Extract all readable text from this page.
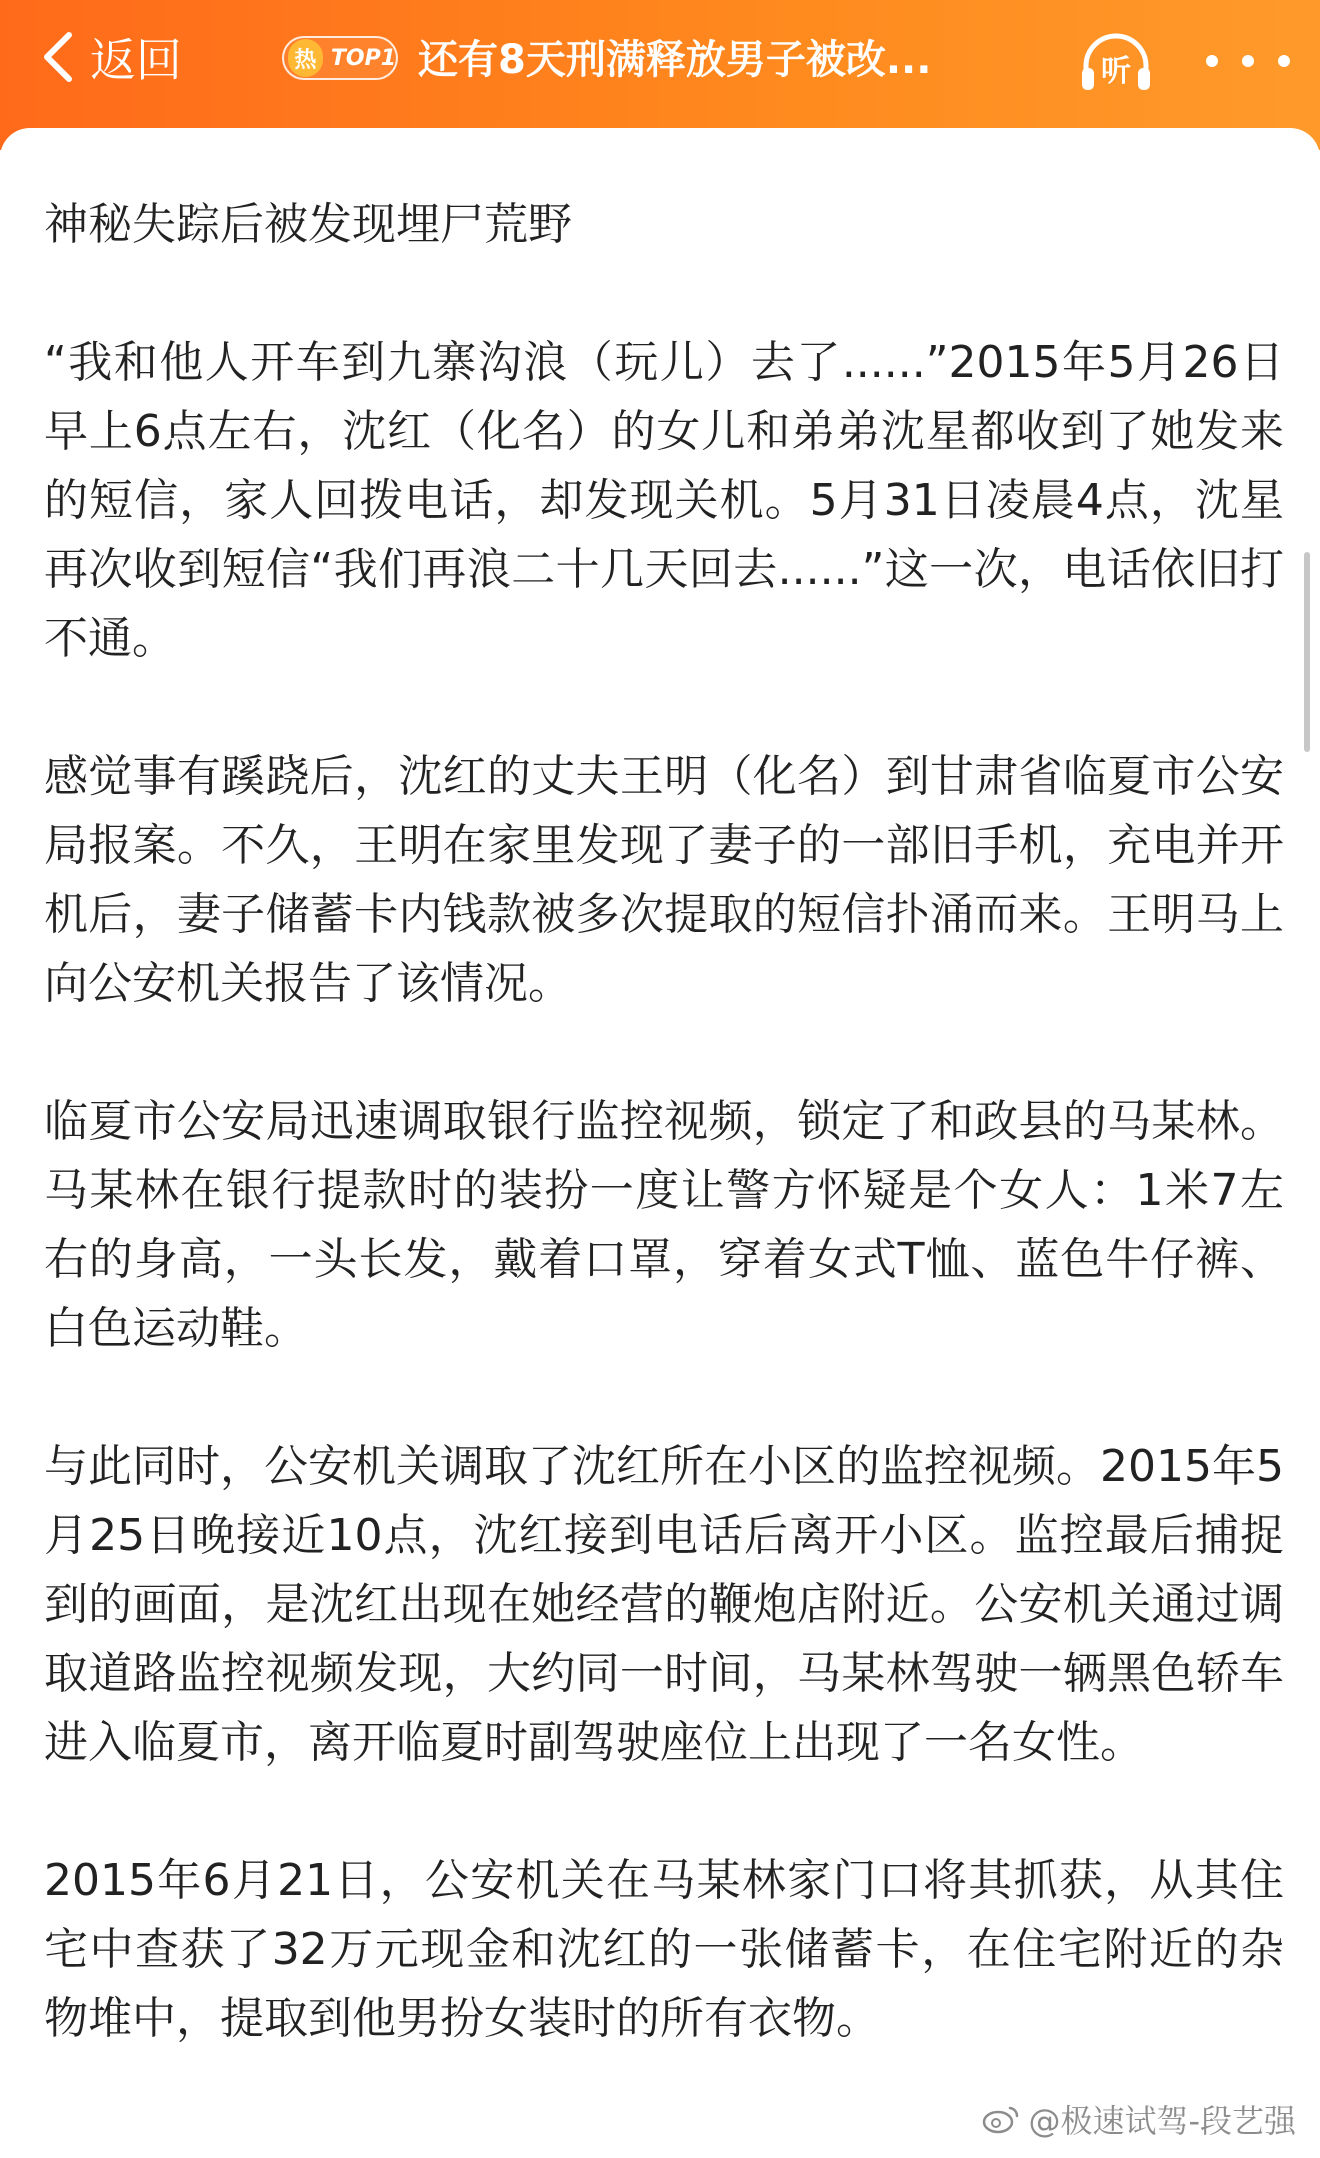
返回	热 TOP1 还有8天刑满释放男子被改...	听

神秘失踪后被发现埋尸荒野

“我和他人开车到九寨沟浪（玩儿）去了......”2015年5月26日早上6点左右，沈红（化名）的女儿和弟弟沈星都收到了她发来的短信，家人回拨电话，却发现关机。5月31日凌晨4点，沈星再次收到短信“我们再浪二十几天回去......”这一次，电话依旧打不通。

感觉事有蹊跷后，沈红的丈夫王明（化名）到甘肃省临夏市公安局报案。不久，王明在家里发现了妻子的一部旧手机，充电并开机后，妻子储蓄卡内钱款被多次提取的短信扑涌而来。王明马上向公安机关报告了该情况。

临夏市公安局迅速调取银行监控视频，锁定了和政县的马某林。马某林在银行提款时的装扮一度让警方怀疑是个女人：1米7左右的身高，一头长发，戴着口罩，穿着女式T恤、蓝色牛仔裤、白色运动鞋。

与此同时，公安机关调取了沈红所在小区的监控视频。2015年5月25日晚接近10点，沈红接到电话后离开小区。监控最后捕捉到的画面，是沈红出现在她经营的鞭炮店附近。公安机关通过调取道路监控视频发现，大约同一时间，马某林驾驶一辆黑色轿车进入临夏市，离开临夏时副驾驶座位上出现了一名女性。

2015年6月21日，公安机关在马某林家门口将其抓获，从其住宅中查获了32万元现金和沈红的一张储蓄卡，在住宅附近的杂物堆中，提取到他男扮女装时的所有衣物。

@极速试驾-段艺强
